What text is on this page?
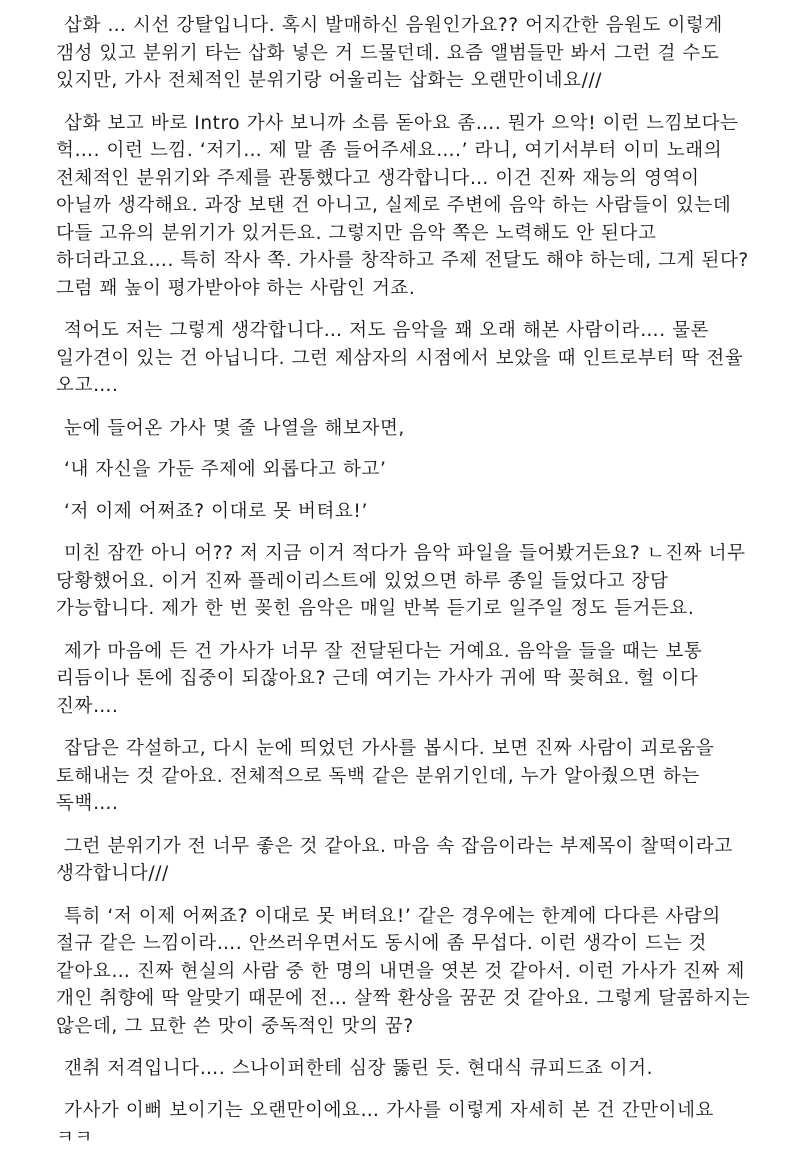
삽화 … 시선 강탈입니다. 혹시 발매하신 음원인가요?? 어지간한 음원도 이렇게 갬성 있고 분위기 타는 삽화 넣은 거 드물던데. 요즘 앨범들만 봐서 그런 걸 수도 있지만, 가사 전체적인 분위기랑 어울리는 삽화는 오랜만이네요///

삽화 보고 바로 Intro 가사 보니까 소름 돋아요 좀…. 뭔가 으악! 이런 느낌보다는 헉…. 이런 느낌. ‘저기… 제 말 좀 들어주세요….’ 라니, 여기서부터 이미 노래의 전체적인 분위기와 주제를 관통했다고 생각합니다… 이건 진짜 재능의 영역이 아닐까 생각해요. 과장 보탠 건 아니고, 실제로 주변에 음악 하는 사람들이 있는데 다들 고유의 분위기가 있거든요. 그렇지만 음악 쪽은 노력해도 안 된다고 하더라고요…. 특히 작사 쪽. 가사를 창작하고 주제 전달도 해야 하는데, 그게 된다? 그럼 꽤 높이 평가받아야 하는 사람인 거죠.

적어도 저는 그렇게 생각합니다… 저도 음악을 꽤 오래 해본 사람이라…. 물론 일가견이 있는 건 아닙니다. 그런 제삼자의 시점에서 보았을 때 인트로부터 딱 전율 오고….

눈에 들어온 가사 몇 줄 나열을 해보자면,

‘내 자신을 가둔 주제에 외롭다고 하고’

‘저 이제 어쩌죠? 이대로 못 버텨요!’

미친 잠깐 아니 어?? 저 지금 이거 적다가 음악 파일을 들어봤거든요? ㄴ진짜 너무 당황했어요. 이거 진짜 플레이리스트에 있었으면 하루 종일 들었다고 장담 가능합니다. 제가 한 번 꽂힌 음악은 매일 반복 듣기로 일주일 정도 듣거든요.

제가 마음에 든 건 가사가 너무 잘 전달된다는 거예요. 음악을 들을 때는 보통 리듬이나 톤에 집중이 되잖아요? 근데 여기는 가사가 귀에 딱 꽂혀요. 헐 이다 진짜….

잡담은 각설하고, 다시 눈에 띄었던 가사를 봅시다. 보면 진짜 사람이 괴로움을 토해내는 것 같아요. 전체적으로 독백 같은 분위기인데, 누가 알아줬으면 하는 독백….

그런 분위기가 전 너무 좋은 것 같아요. 마음 속 잡음이라는 부제목이 찰떡이라고 생각합니다///

특히 ‘저 이제 어쩌죠? 이대로 못 버텨요!’ 같은 경우에는 한계에 다다른 사람의 절규 같은 느낌이라…. 안쓰러우면서도 동시에 좀 무섭다. 이런 생각이 드는 것 같아요… 진짜 현실의 사람 중 한 명의 내면을 엿본 것 같아서. 이런 가사가 진짜 제 개인 취향에 딱 알맞기 때문에 전… 살짝 환상을 꿈꾼 것 같아요. 그렇게 달콤하지는 않은데, 그 묘한 쓴 맛이 중독적인 맛의 꿈?

갠취 저격입니다…. 스나이퍼한테 심장 뚫린 듯. 현대식 큐피드죠 이거.

가사가 이뻐 보이기는 오랜만이에요… 가사를 이렇게 자세히 본 건 간만이네요 ㅋㅋ
